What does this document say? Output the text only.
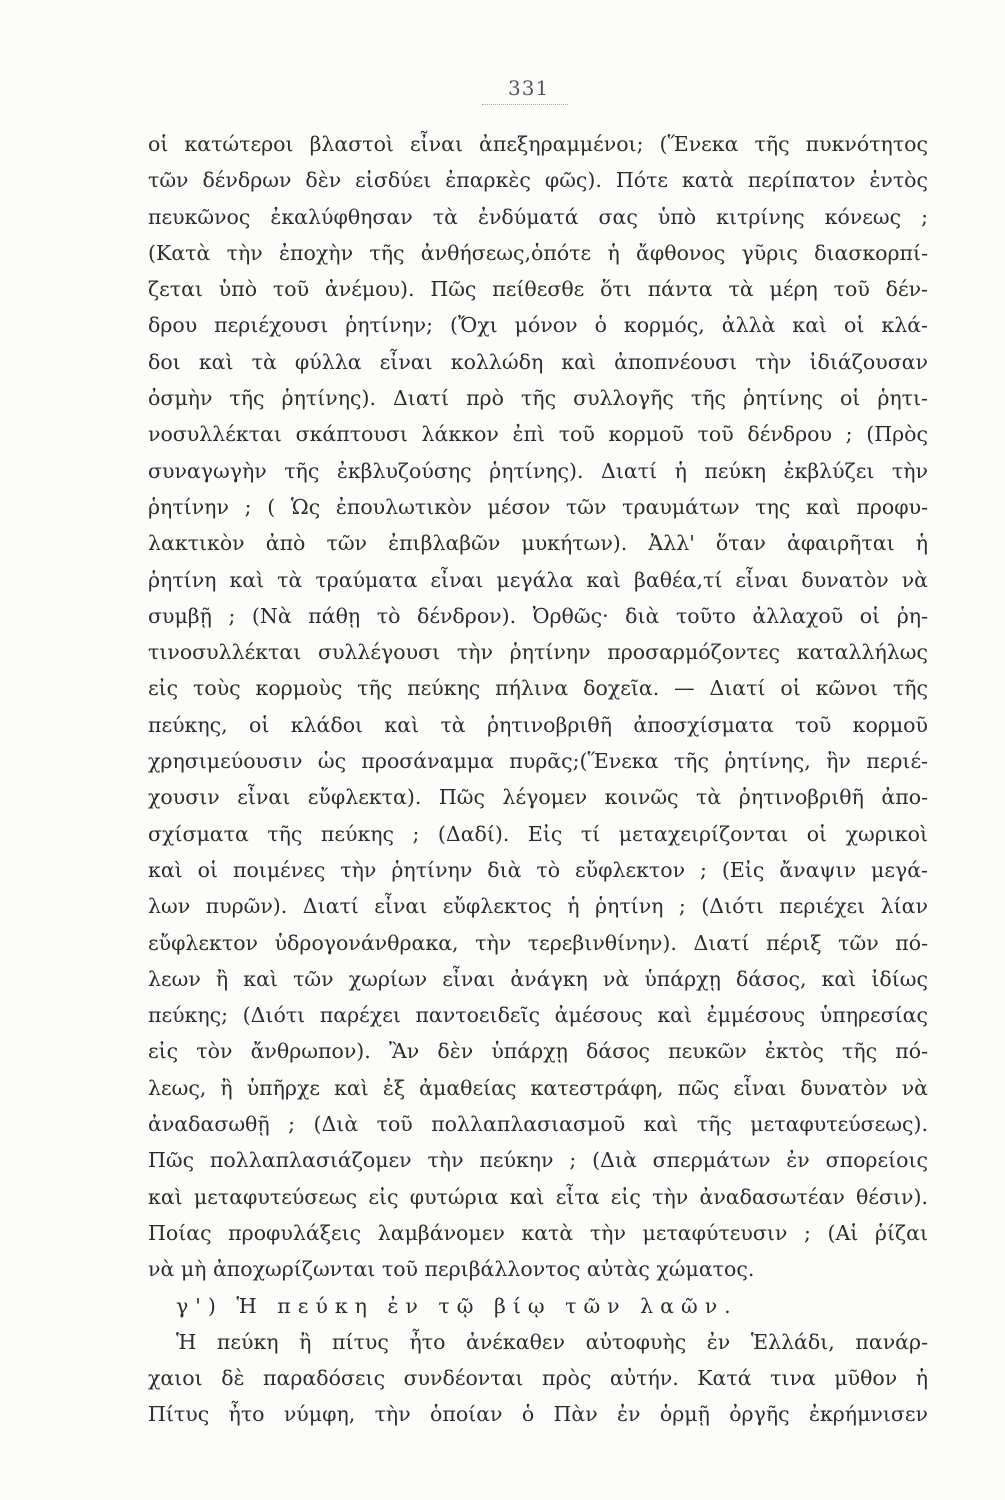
331
οἱ κατώτεροι βλαστοὶ εἶναι ἀπεξηραμμένοι; (Ἕνεκα τῆς πυκνότητος
τῶν δένδρων δὲν εἰσδύει ἐπαρκὲς φῶς). Πότε κατὰ περίπατον ἐντὸς
πευκῶνος ἐκαλύφθησαν τὰ ἐνδύματά σας ὑπὸ κιτρίνης κόνεως ;
(Κατὰ τὴν ἐποχὴν τῆς ἀνθήσεως,ὁπότε ἡ ἄφθονος γῦρις διασκορπί-
ζεται ὑπὸ τοῦ ἀνέμου). Πῶς πείθεσθε ὅτι πάντα τὰ μέρη τοῦ δέν-
δρου περιέχουσι ῥητίνην; (Ὄχι μόνον ὁ κορμός, ἀλλὰ καὶ οἱ κλά-
δοι καὶ τὰ φύλλα εἶναι κολλώδη καὶ ἀποπνέουσι τὴν ἰδιάζουσαν
ὀσμὴν τῆς ῥητίνης). Διατί πρὸ τῆς συλλογῆς τῆς ῥητίνης οἱ ῥητι-
νοσυλλέκται σκάπτουσι λάκκον ἐπὶ τοῦ κορμοῦ τοῦ δένδρου ; (Πρὸς
συναγωγὴν τῆς ἐκβλυζούσης ῥητίνης). Διατί ἡ πεύκη ἐκβλύζει τὴν
ῥητίνην ; ( Ὡς ἐπουλωτικὸν μέσον τῶν τραυμάτων της καὶ προφυ-
λακτικὸν ἀπὸ τῶν ἐπιβλαβῶν μυκήτων). Ἀλλ' ὅταν ἀφαιρῆται ἡ
ῥητίνη καὶ τὰ τραύματα εἶναι μεγάλα καὶ βαθέα,τί εἶναι δυνατὸν νὰ
συμβῇ ; (Νὰ πάθῃ τὸ δένδρον). Ὀρθῶς· διὰ τοῦτο ἀλλαχοῦ οἱ ῥη-
τινοσυλλέκται συλλέγουσι τὴν ῥητίνην προσαρμόζοντες καταλλήλως
εἰς τοὺς κορμοὺς τῆς πεύκης πήλινα δοχεῖα. — Διατί οἱ κῶνοι τῆς
πεύκης, οἱ κλάδοι καὶ τὰ ῥητινοβριθῆ ἀποσχίσματα τοῦ κορμοῦ
χρησιμεύουσιν ὡς προσάναμμα πυρᾶς;(Ἕνεκα τῆς ῥητίνης, ἣν περιέ-
χουσιν εἶναι εὔφλεκτα). Πῶς λέγομεν κοινῶς τὰ ῥητινοβριθῆ ἀπο-
σχίσματα τῆς πεύκης ; (Δαδί). Εἰς τί μεταχειρίζονται οἱ χωρικοὶ
καὶ οἱ ποιμένες τὴν ῥητίνην διὰ τὸ εὔφλεκτον ; (Εἰς ἄναψιν μεγά-
λων πυρῶν). Διατί εἶναι εὔφλεκτος ἡ ῥητίνη ; (Διότι περιέχει λίαν
εὔφλεκτον ὑδρογονάνθρακα, τὴν τερεβινθίνην). Διατί πέριξ τῶν πό-
λεων ἢ καὶ τῶν χωρίων εἶναι ἀνάγκη νὰ ὑπάρχῃ δάσος, καὶ ἰδίως
πεύκης; (Διότι παρέχει παντοειδεῖς ἀμέσους καὶ ἐμμέσους ὑπηρεσίας
εἰς τὸν ἄνθρωπον). Ἂν δὲν ὑπάρχῃ δάσος πευκῶν ἐκτὸς τῆς πό-
λεως, ἢ ὑπῆρχε καὶ ἐξ ἀμαθείας κατεστράφη, πῶς εἶναι δυνατὸν νὰ
ἀναδασωθῇ ; (Διὰ τοῦ πολλαπλασιασμοῦ καὶ τῆς μεταφυτεύσεως).
Πῶς πολλαπλασιάζομεν τὴν πεύκην ; (Διὰ σπερμάτων ἐν σπορείοις
καὶ μεταφυτεύσεως εἰς φυτώρια καὶ εἶτα εἰς τὴν ἀναδασωτέαν θέσιν).
Ποίας προφυλάξεις λαμβάνομεν κατὰ τὴν μεταφύτευσιν ; (Αἱ ῥίζαι
νὰ μὴ ἀποχωρίζωνται τοῦ περιβάλλοντος αὐτὰς χώματος.
γ') Ἡ πεύκη ἐν τῷ βίῳ τῶν λαῶν.
Ἡ πεύκη ἢ πίτυς ἦτο ἀνέκαθεν αὐτοφυὴς ἐν Ἑλλάδι, πανάρ-
χαιοι δὲ παραδόσεις συνδέονται πρὸς αὐτήν. Κατά τινα μῦθον ἡ
Πίτυς ἦτο νύμφη, τὴν ὁποίαν ὁ Πὰν ἐν ὁρμῇ ὀργῆς ἐκρήμνισεν
